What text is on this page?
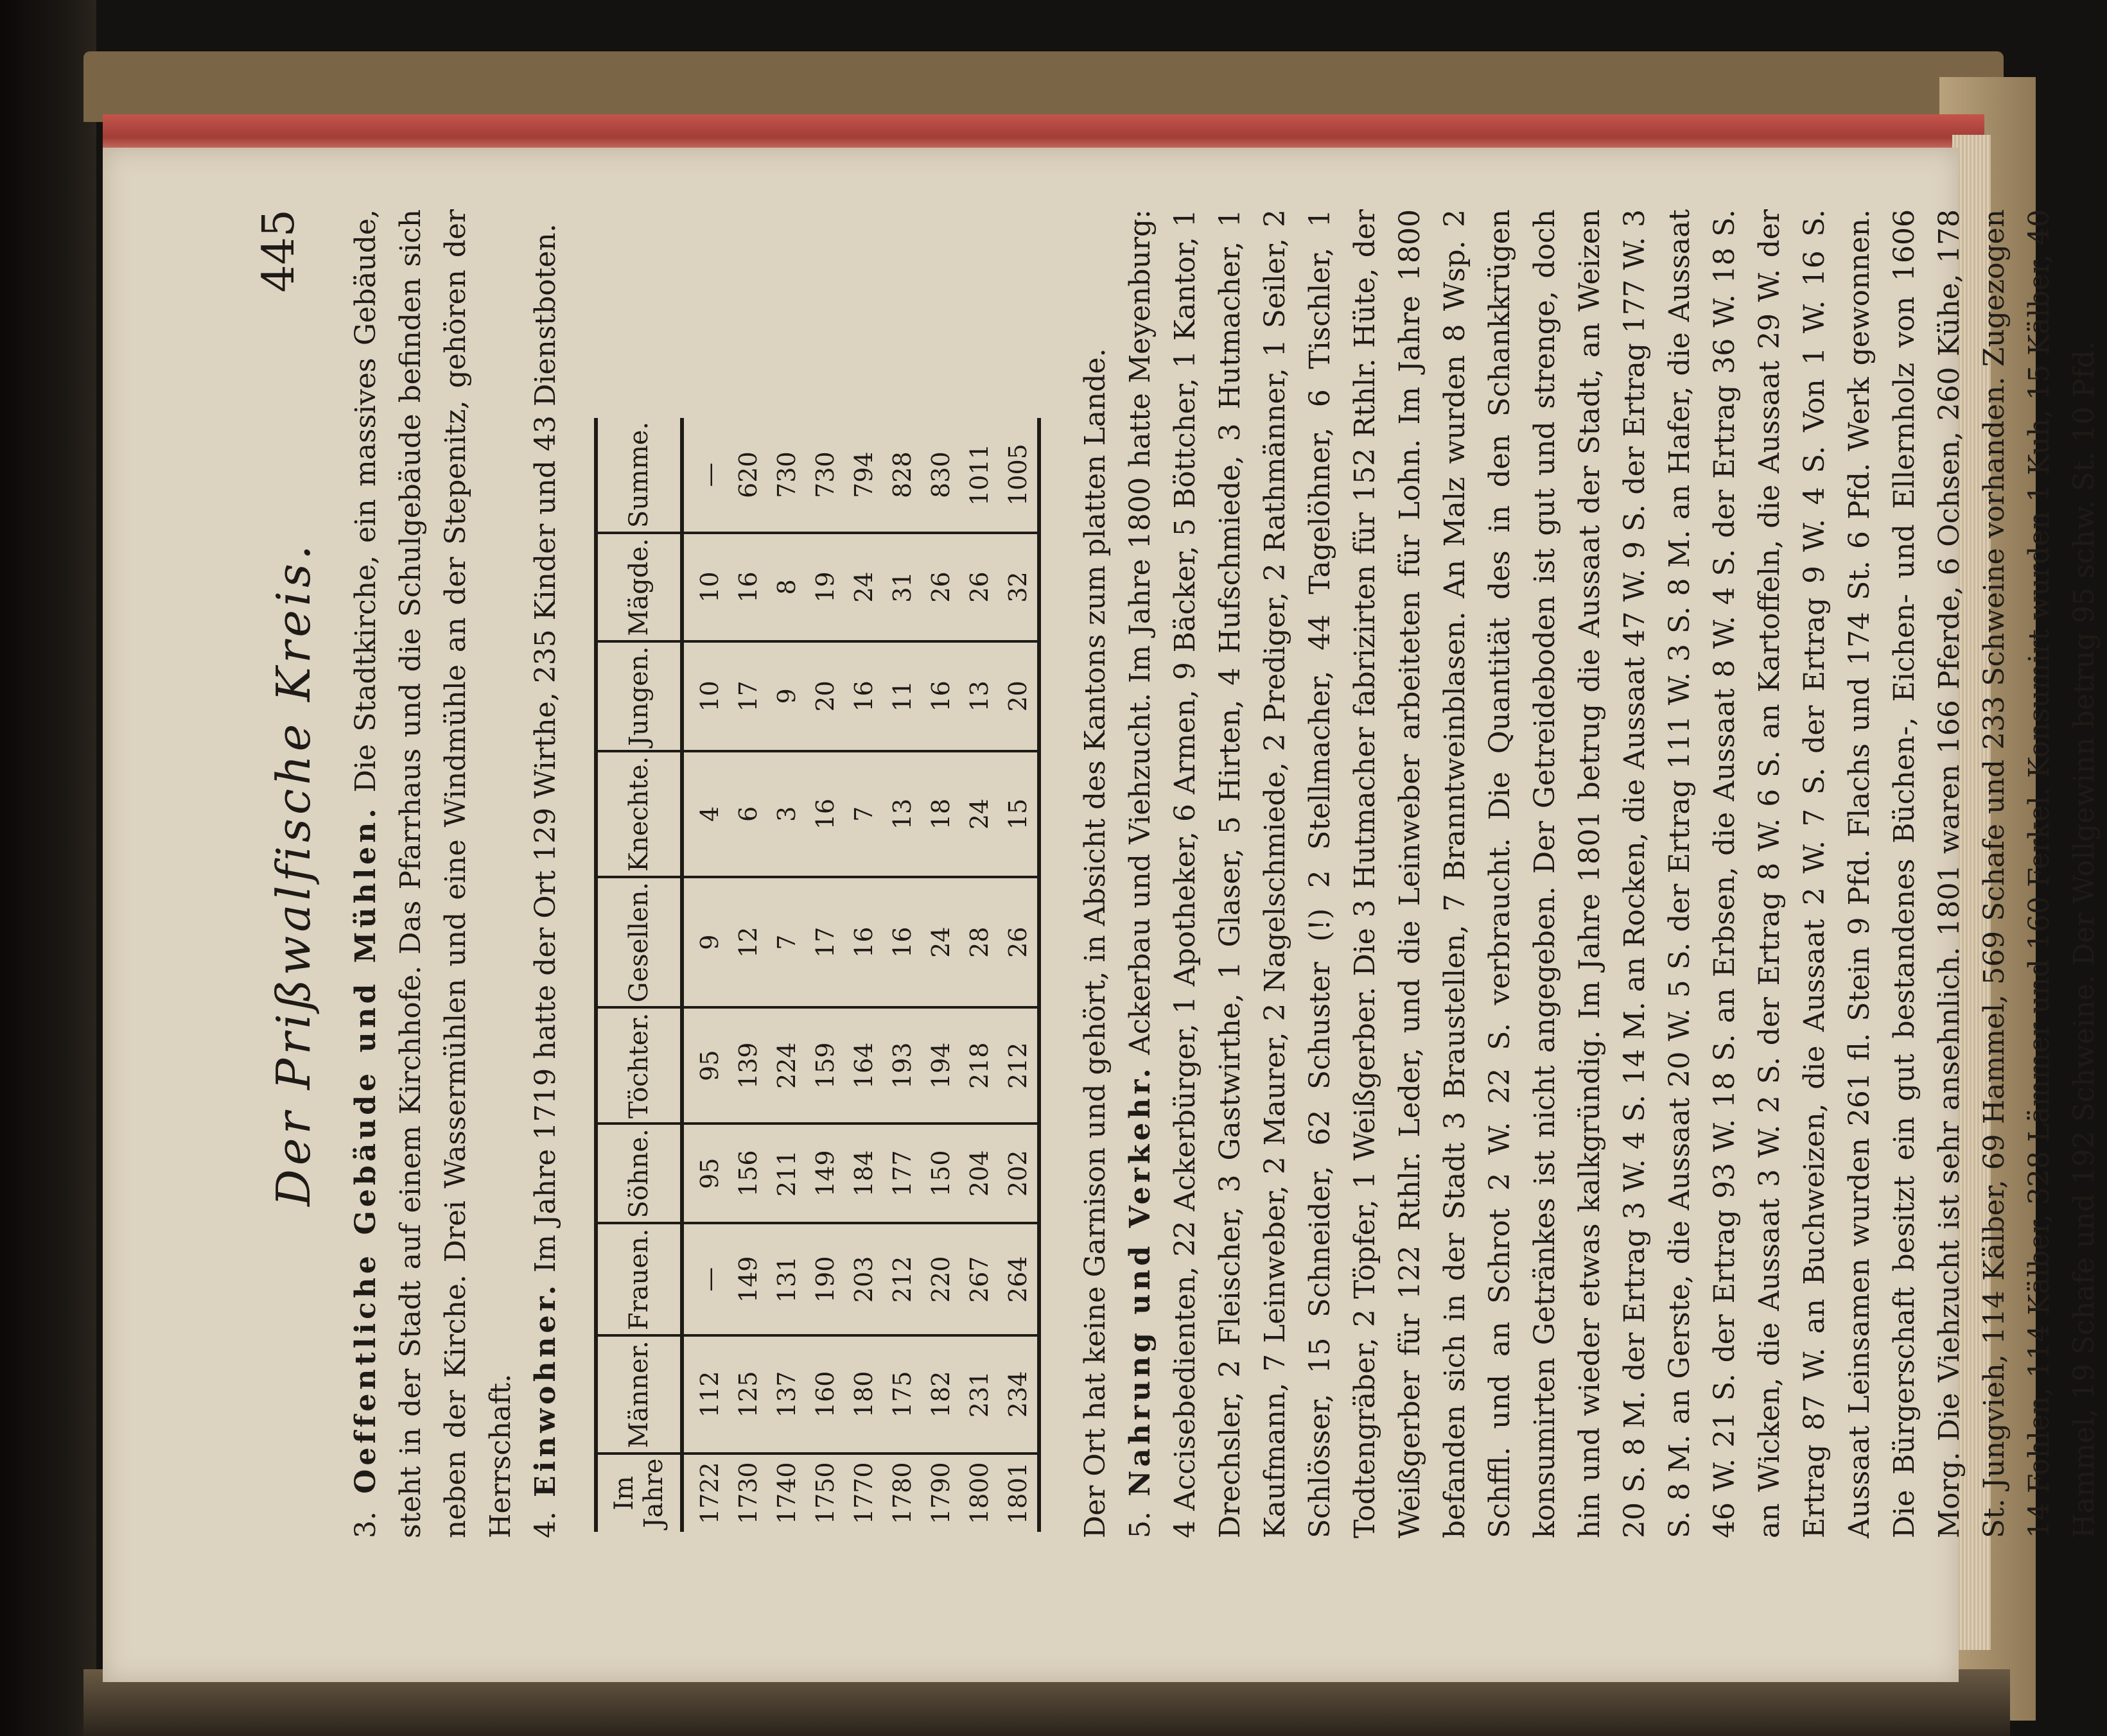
Der Prißwalfische Kreis.
445

3. Oeffentliche Gebäude und Mühlen. Die Stadtkirche, ein massives Gebäude, steht in der Stadt auf einem Kirchhofe. Das Pfarrhaus und die Schulgebäude befinden sich neben der Kirche. Drei Wassermühlen und eine Windmühle an der Stepenitz, gehören der Herrschaft. 4. Einwohner. Im Jahre 1719 hatte der Ort 129 Wirthe, 235 Kinder und 43 Dienstboten.

Im Jahre	Männer.	Frauen.	Söhne.	Töchter.	Gesellen.	Knechte.	Jungen.	Mägde.	Summe.
1722	112	—	95	95	9	4	10	10	—
1730	125	149	156	139	12	6	17	16	620
1740	137	131	211	224	7	3	9	8	730
1750	160	190	149	159	17	16	20	19	730
1770	180	203	184	164	16	7	16	24	794
1780	175	212	177	193	16	13	11	31	828
1790	182	220	150	194	24	18	16	26	830
1800	231	267	204	218	28	24	13	26	1011
1801	234	264	202	212	26	15	20	32	1005 Der Ort hat keine Garnison und gehört, in Absicht des Kantons zum platten Lande. 5. Nahrung und Verkehr. Ackerbau und Viehzucht. Im Jahre 1800 hatte Meyenburg: 4 Accisebedienten, 22 Ackerbürger, 1 Apotheker, 6 Armen, 9 Bäcker, 5 Böttcher, 1 Kantor, 1 Drechsler, 2 Fleischer, 3 Gastwirthe, 1 Glaser, 5 Hirten, 4 Hufschmiede, 3 Hutmacher, 1 Kaufmann, 7 Leinweber, 2 Maurer, 2 Nagelschmiede, 2 Prediger, 2 Rathmänner, 1 Seiler, 2 Schlösser, 15 Schneider, 62 Schuster (!) 2 Stellmacher, 44 Tagelöhner, 6 Tischler, 1 Todtengräber, 2 Töpfer, 1 Weißgerber. Die 3 Hutmacher fabrizirten für 152 Rthlr. Hüte, der Weißgerber für 122 Rthlr. Leder, und die Leinweber arbeiteten für Lohn. Im Jahre 1800 befanden sich in der Stadt 3 Braustellen, 7 Branntweinblasen. An Malz wurden 8 Wsp. 2 Schffl. und an Schrot 2 W. 22 S. verbraucht. Die Quantität des in den Schankkrügen konsumirten Getränkes ist nicht angegeben. Der Getreideboden ist gut und strenge, doch hin und wieder etwas kalkgründig. Im Jahre 1801 betrug die Aussaat der Stadt, an Weizen 20 S. 8 M. der Ertrag 3 W. 4 S. 14 M. an Rocken, die Aussaat 47 W. 9 S. der Ertrag 177 W. 3 S. 8 M. an Gerste, die Aussaat 20 W. 5 S. der Ertrag 111 W. 3 S. 8 M. an Hafer, die Aussaat 46 W. 21 S. der Ertrag 93 W. 18 S. an Erbsen, die Aussaat 8 W. 4 S. der Ertrag 36 W. 18 S. an Wicken, die Aussaat 3 W. 2 S. der Ertrag 8 W. 6 S. an Kartoffeln, die Aussaat 29 W. der Ertrag 87 W. an Buchweizen, die Aussaat 2 W. 7 S. der Ertrag 9 W. 4 S. Von 1 W. 16 S. Aussaat Leinsamen wurden 261 fl. Stein 9 Pfd. Flachs und 174 St. 6 Pfd. Werk gewonnen. Die Bürgerschaft besitzt ein gut bestandenes Büchen-, Eichen- und Ellernholz von 1606 Morg. Die Viehzucht ist sehr ansehnlich. 1801 waren 166 Pferde, 6 Ochsen, 260 Kühe, 178 St. Jungvieh, 114 Kälber, 69 Hammel, 569 Schafe und 233 Schweine vorhanden. Zugezogen 14 Fohlen, 114 Kälber, 328 Lämmer und 160 Ferkel. Konsumirt wurden 1 Kuh, 15 Kälber, 40 Hammel, 19 Schafe und 192 Schweine. Der Wollgewinn betrug 95 schw. St. 10 Pfd.
